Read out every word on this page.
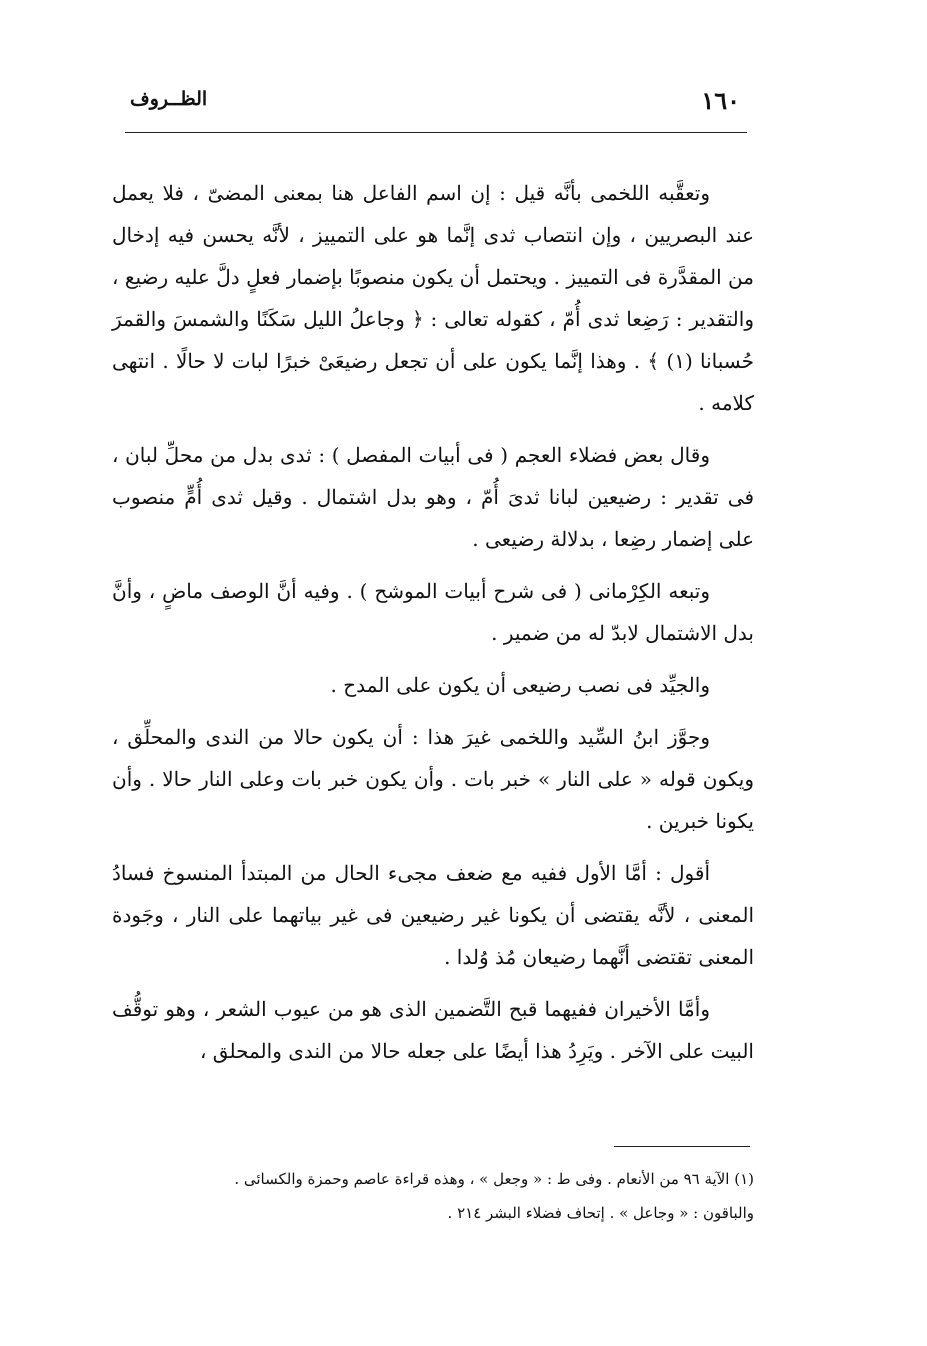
١٦٠
الظــروف

وتعقَّبه اللخمى بأنَّه قيل : إن اسم الفاعل هنا بمعنى المضىّ ، فلا يعمل عند البصريين ، وإن انتصاب ثدى إنَّما هو على التمييز ، لأنَّه يحسن فيه إدخال من المقدَّرة فى التمييز . ويحتمل أن يكون منصوبًا بإضمار فعلٍ دلَّ عليه رضيع ، والتقدير : رَضِعا ثدى أُمّ ، كقوله تعالى : ﴿ وجاعلُ الليل سَكَنًا والشمسَ والقمرَ حُسبانا (١) ﴾ . وهذا إنَّما يكون على أن تجعل رضيعَىْ خبرًا لبات لا حالًا . انتهى كلامه .

وقال بعض فضلاء العجم ( فى أبيات المفصل ) : ثدى بدل من محلِّ لبان ، فى تقدير : رضيعين لبانا ثدىَ أُمّ ، وهو بدل اشتمال . وقيل ثدى أُمٍّ منصوب على إضمار رضِعا ، بدلالة رضيعى .

وتبعه الكِرْمانى ( فى شرح أبيات الموشح ) . وفيه أنَّ الوصف ماضٍ ، وأنَّ بدل الاشتمال لابدّ له من ضمير .

والجيِّد فى نصب رضيعى أن يكون على المدح .

وجوَّز ابنُ السِّيد واللخمى غيرَ هذا : أن يكون حالا من الندى والمحلِّق ، ويكون قوله « على النار » خبر بات . وأن يكون خبر بات وعلى النار حالا . وأن يكونا خبرين .

أقول : أمَّا الأول ففيه مع ضعف مجىء الحال من المبتدأ المنسوخ فسادُ المعنى ، لأنَّه يقتضى أن يكونا غير رضيعين فى غير بياتهما على النار ، وجَودة المعنى تقتضى أنَّهما رضيعان مُذ وُلدا .

وأمَّا الأخيران ففيهما قبح التَّضمين الذى هو من عيوب الشعر ، وهو توقُّف البيت على الآخر . ويَرِدُ هذا أيضًا على جعله حالا من الندى والمحلق ،

(١) الآية ٩٦ من الأنعام . وفى ط : « وجعل » ، وهذه قراءة عاصم وحمزة والكسائى .

والباقون : « وجاعل » . إتحاف فضلاء البشر ٢١٤ .
